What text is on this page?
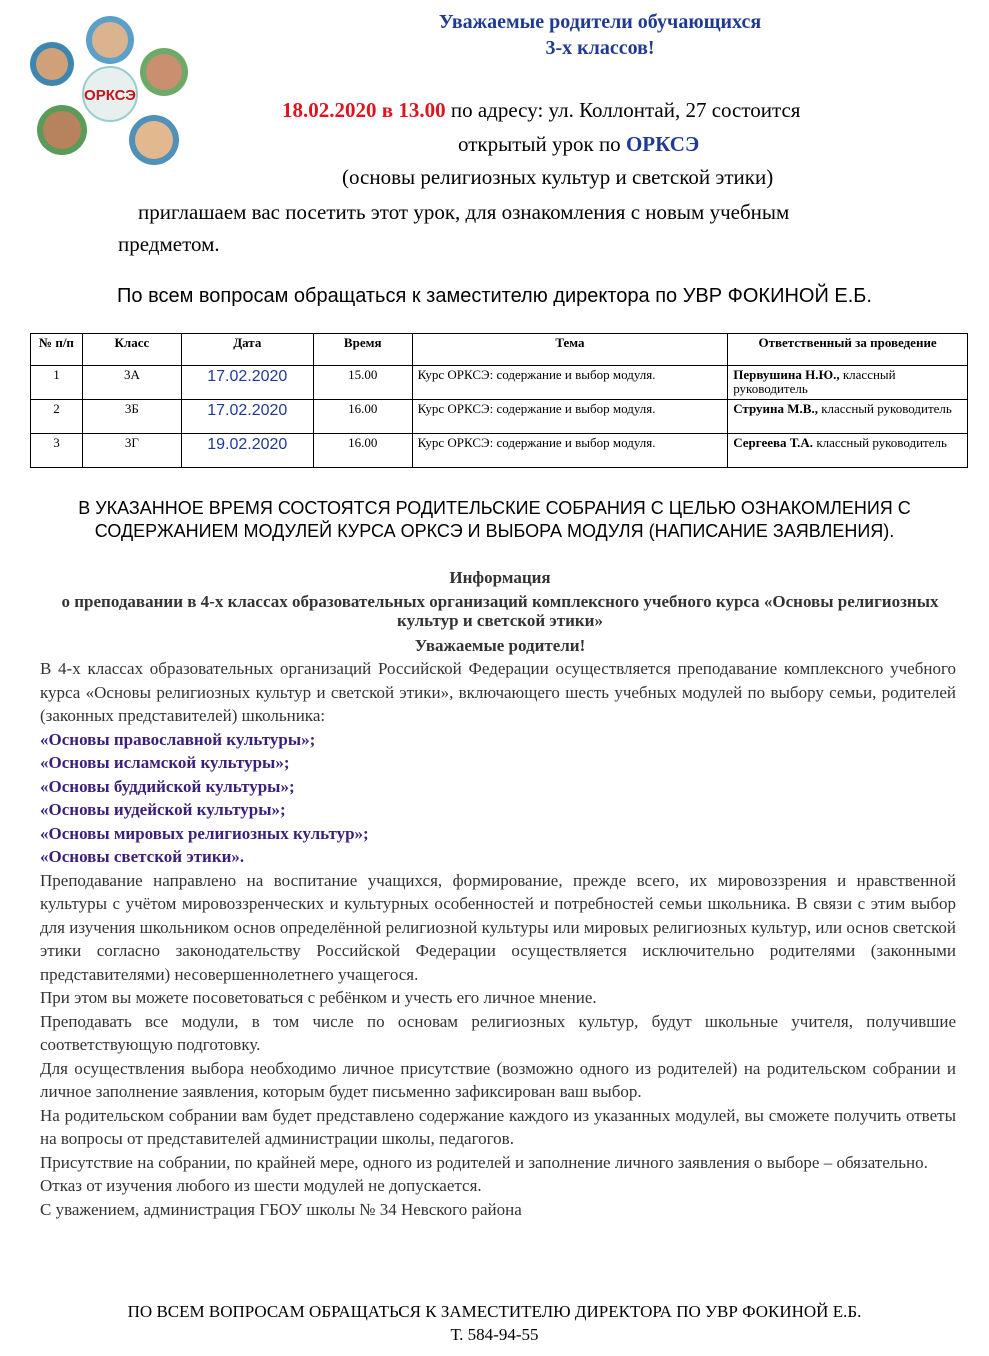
ОРКСЭ
Уважаемые родители обучающихся
3-х классов!
18.02.2020 в 13.00 по адресу: ул. Коллонтай, 27 состоится
открытый урок по ОРКСЭ
(основы религиозных культур и светской этики)
приглашаем вас посетить этот урок, для ознакомления с новым учебным
предметом.
По всем вопросам обращаться к заместителю директора по УВР ФОКИНОЙ Е.Б.
№ п/п	Класс	Дата	Время	Тема	Ответственный за проведение
1	3А	17.02.2020	15.00	Курс ОРКСЭ: содержание и выбор модуля.	Первушина Н.Ю., классный руководитель
2	3Б	17.02.2020	16.00	Курс ОРКСЭ: содержание и выбор модуля.	Струина М.В., классный руководитель
3	3Г	19.02.2020	16.00	Курс ОРКСЭ: содержание и выбор модуля.	Сергеева Т.А. классный руководитель
В УКАЗАННОЕ ВРЕМЯ СОСТОЯТСЯ РОДИТЕЛЬСКИЕ СОБРАНИЯ С ЦЕЛЬЮ ОЗНАКОМЛЕНИЯ С
СОДЕРЖАНИЕМ МОДУЛЕЙ КУРСА ОРКСЭ И ВЫБОРА МОДУЛЯ (НАПИСАНИЕ ЗАЯВЛЕНИЯ).
Информация
о преподавании в 4-х классах образовательных организаций комплексного учебного курса «Основы религиозных культур и светской этики»
Уважаемые родители!

В 4-х классах образовательных организаций Российской Федерации осуществляется преподавание комплексного учебного курса «Основы религиозных культур и светской этики», включающего шесть учебных модулей по выбору семьи, родителей (законных представителей) школьника:

«Основы православной культуры»;

«Основы исламской культуры»;

«Основы буддийской культуры»;

«Основы иудейской культуры»;

«Основы мировых религиозных культур»;

«Основы светской этики».

Преподавание направлено на воспитание учащихся, формирование, прежде всего, их мировоззрения и нравственной культуры с учётом мировоззренческих и культурных особенностей и потребностей семьи школьника. В связи с этим выбор для изучения школьником основ определённой религиозной культуры или мировых религиозных культур, или основ светской этики согласно законодательству Российской Федерации осуществляется исключительно родителями (законными представителями) несовершеннолетнего учащегося.

При этом вы можете посоветоваться с ребёнком и учесть его личное мнение.

Преподавать все модули, в том числе по основам религиозных культур, будут школьные учителя, получившие соответствующую подготовку.

Для осуществления выбора необходимо личное присутствие (возможно одного из родителей) на родительском собрании и личное заполнение заявления, которым будет письменно зафиксирован ваш выбор.

На родительском собрании вам будет представлено содержание каждого из указанных модулей, вы сможете получить ответы на вопросы от представителей администрации школы, педагогов.

Присутствие на собрании, по крайней мере, одного из родителей и заполнение личного заявления о выборе – обязательно.

Отказ от изучения любого из шести модулей не допускается.

С уважением, администрация ГБОУ школы № 34 Невского района

ПО ВСЕМ ВОПРОСАМ ОБРАЩАТЬСЯ К ЗАМЕСТИТЕЛЮ ДИРЕКТОРА ПО УВР ФОКИНОЙ Е.Б.
Т. 584-94-55
